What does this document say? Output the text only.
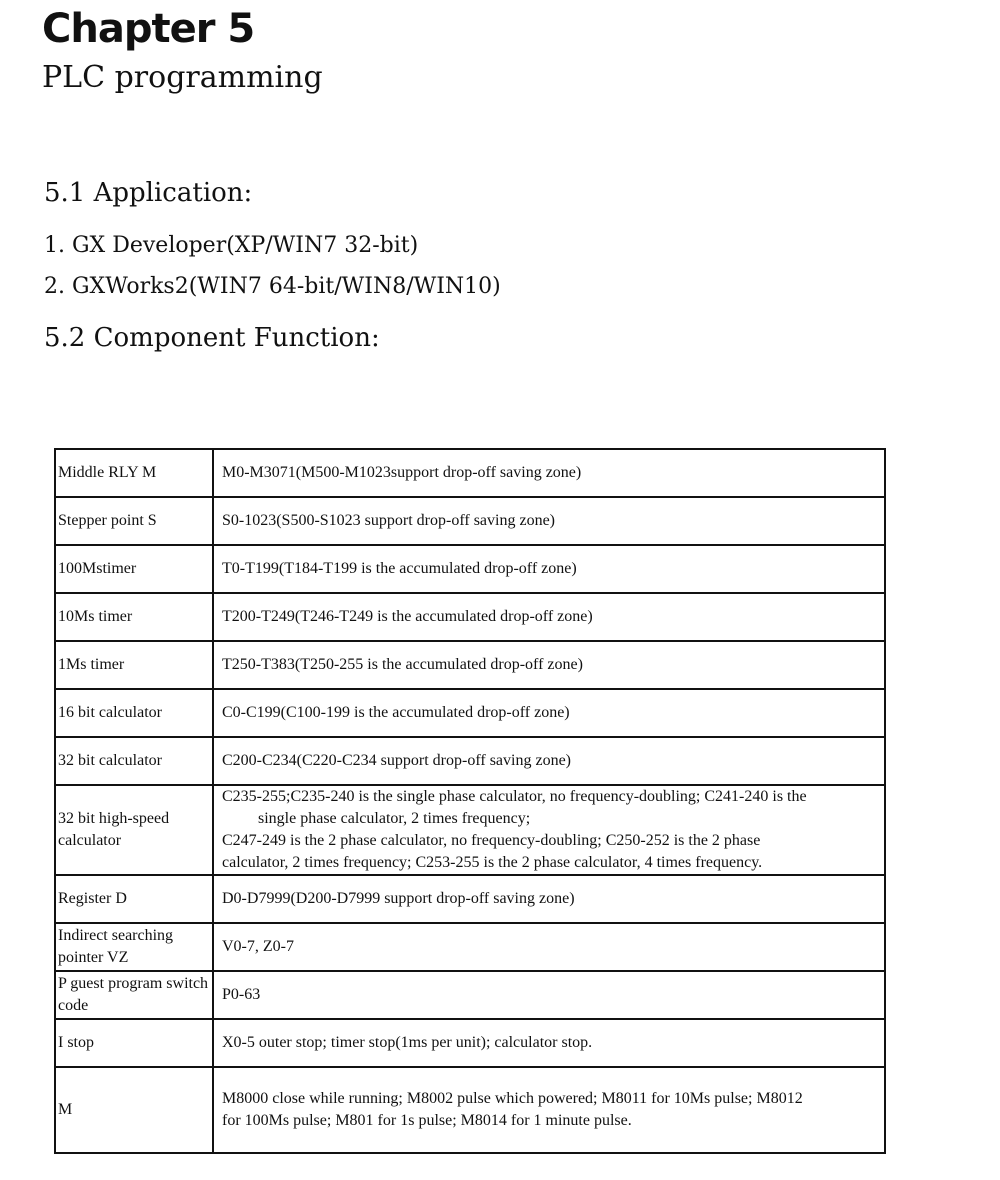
Chapter 5
PLC programming
5.1 Application:
1. GX Developer(XP/WIN7 32-bit)
2. GXWorks2(WIN7 64-bit/WIN8/WIN10)
5.2 Component Function:
Middle RLY M	M0-M3071(M500-M1023support drop-off saving zone)
Stepper point S	S0-1023(S500-S1023 support drop-off saving zone)
100Mstimer	T0-T199(T184-T199 is the accumulated drop-off zone)
10Ms timer	T200-T249(T246-T249 is the accumulated drop-off zone)
1Ms timer	T250-T383(T250-255 is the accumulated drop-off zone)
16 bit calculator	C0-C199(C100-199 is the accumulated drop-off zone)
32 bit calculator	C200-C234(C220-C234 support drop-off saving zone)
32 bit high-speed calculator	C235-255;C235-240 is the single phase calculator, no frequency-doubling; C241-240 is the
single phase calculator, 2 times frequency;
C247-249 is the 2 phase calculator, no frequency-doubling; C250-252 is the 2 phase
calculator, 2 times frequency; C253-255 is the 2 phase calculator, 4 times frequency.

Register D	D0-D7999(D200-D7999 support drop-off saving zone)
Indirect searching pointer VZ	V0-7, Z0-7
P guest program switch code	P0-63
I stop	X0-5 outer stop; timer stop(1ms per unit); calculator stop.
M	M8000 close while running; M8002 pulse which powered; M8011 for 10Ms pulse; M8012
for 100Ms pulse; M801 for 1s pulse; M8014 for 1 minute pulse.
